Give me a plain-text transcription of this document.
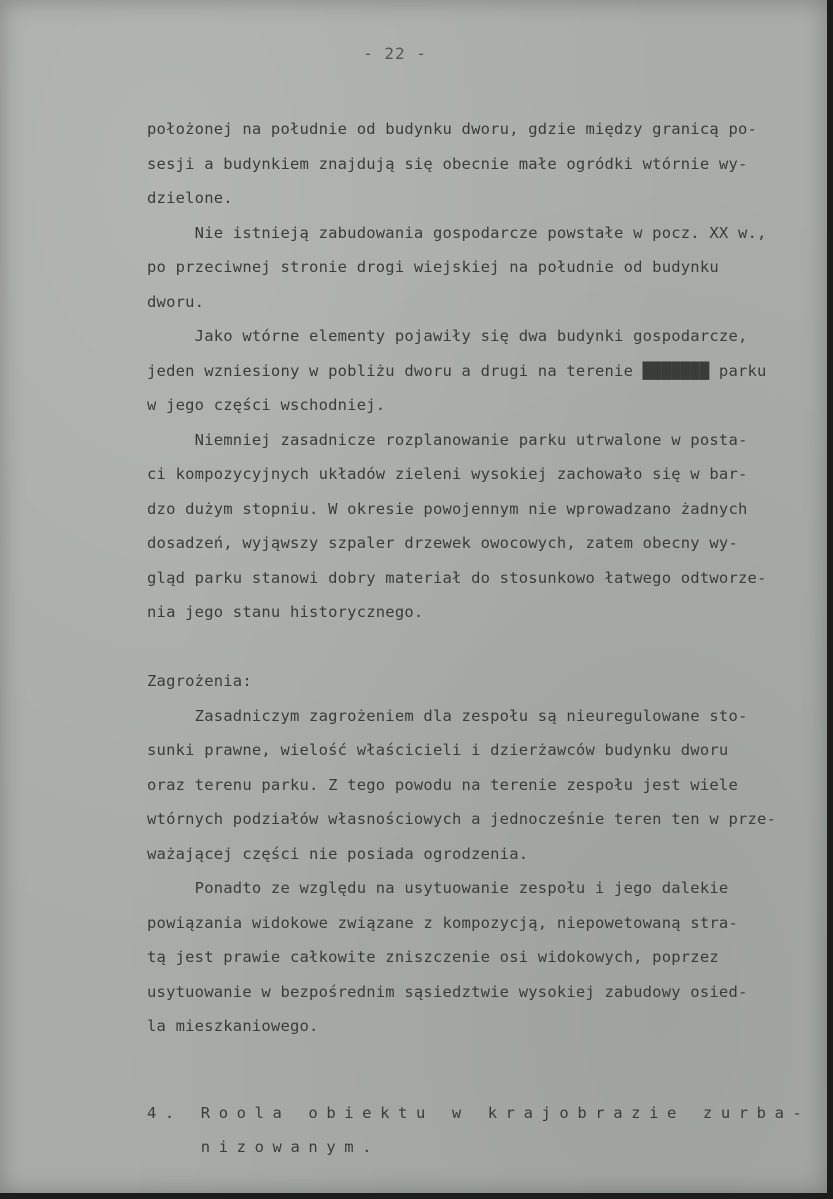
- 22 -
położonej na południe od budynku dworu, gdzie między granicą po-
sesji a budynkiem znajdują się obecnie małe ogródki wtórnie wy-
dzielone.
Nie istnieją zabudowania gospodarcze powstałe w pocz. XX w.,
po przeciwnej stronie drogi wiejskiej na południe od budynku
dworu.
Jako wtórne elementy pojawiły się dwa budynki gospodarcze,
jeden wzniesiony w pobliżu dworu a drugi na terenie ███████ parku
w jego części wschodniej.
Niemniej zasadnicze rozplanowanie parku utrwalone w posta-
ci kompozycyjnych układów zieleni wysokiej zachowało się w bar-
dzo dużym stopniu. W okresie powojennym nie wprowadzano żadnych
dosadzeń, wyjąwszy szpaler drzewek owocowych, zatem obecny wy-
gląd parku stanowi dobry materiał do stosunkowo łatwego odtworze-
nia jego stanu historycznego.
Zagrożenia:
Zasadniczym zagrożeniem dla zespołu są nieuregulowane sto-
sunki prawne, wielość właścicieli i dzierżawców budynku dworu
oraz terenu parku. Z tego powodu na terenie zespołu jest wiele
wtórnych podziałów własnościowych a jednocześnie teren ten w prze-
ważającej części nie posiada ogrodzenia.
Ponadto ze względu na usytuowanie zespołu i jego dalekie
powiązania widokowe związane z kompozycją, niepowetowaną stra-
tą jest prawie całkowite zniszczenie osi widokowych, poprzez
usytuowanie w bezpośrednim sąsiedztwie wysokiej zabudowy osied-
la mieszkaniowego.
4. Roola obiektu w krajobrazie zurba-
nizowanym.
